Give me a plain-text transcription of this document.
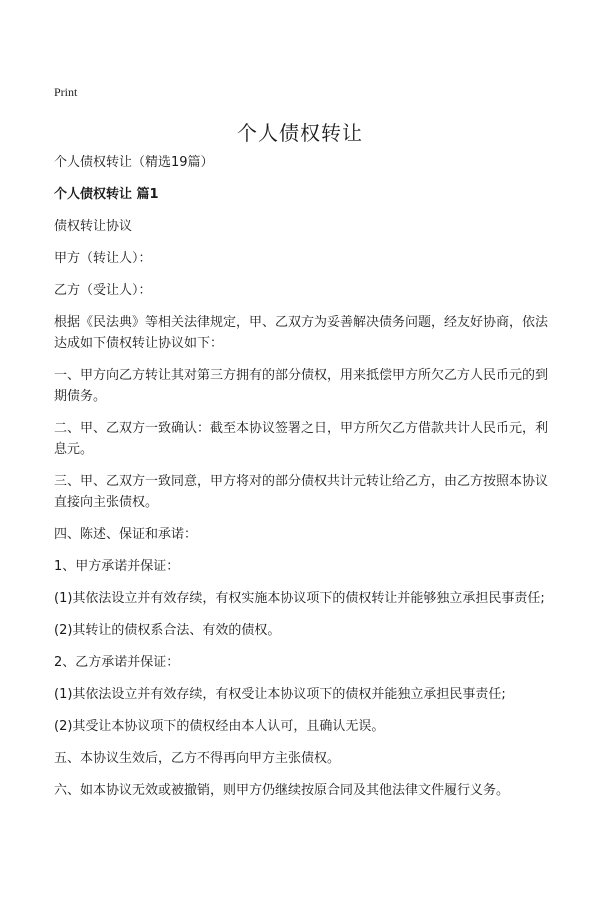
Print
个人债权转让

个人债权转让（精选19篇）

个人债权转让 篇1

债权转让协议

甲方（转让人）：

乙方（受让人）：

根据《民法典》等相关法律规定，甲、乙双方为妥善解决债务问题，经友好协商，依法达成如下债权转让协议如下：

一、甲方向乙方转让其对第三方拥有的部分债权，用来抵偿甲方所欠乙方人民币元的到期债务。

二、甲、乙双方一致确认：截至本协议签署之日，甲方所欠乙方借款共计人民币元，利息元。

三、甲、乙双方一致同意，甲方将对的部分债权共计元转让给乙方，由乙方按照本协议直接向主张债权。

四、陈述、保证和承诺：

1、甲方承诺并保证：

(1)其依法设立并有效存续，有权实施本协议项下的债权转让并能够独立承担民事责任;

(2)其转让的债权系合法、有效的债权。

2、乙方承诺并保证：

(1)其依法设立并有效存续，有权受让本协议项下的债权并能独立承担民事责任;

(2)其受让本协议项下的债权经由本人认可，且确认无误。

五、本协议生效后，乙方不得再向甲方主张债权。

六、如本协议无效或被撤销，则甲方仍继续按原合同及其他法律文件履行义务。
